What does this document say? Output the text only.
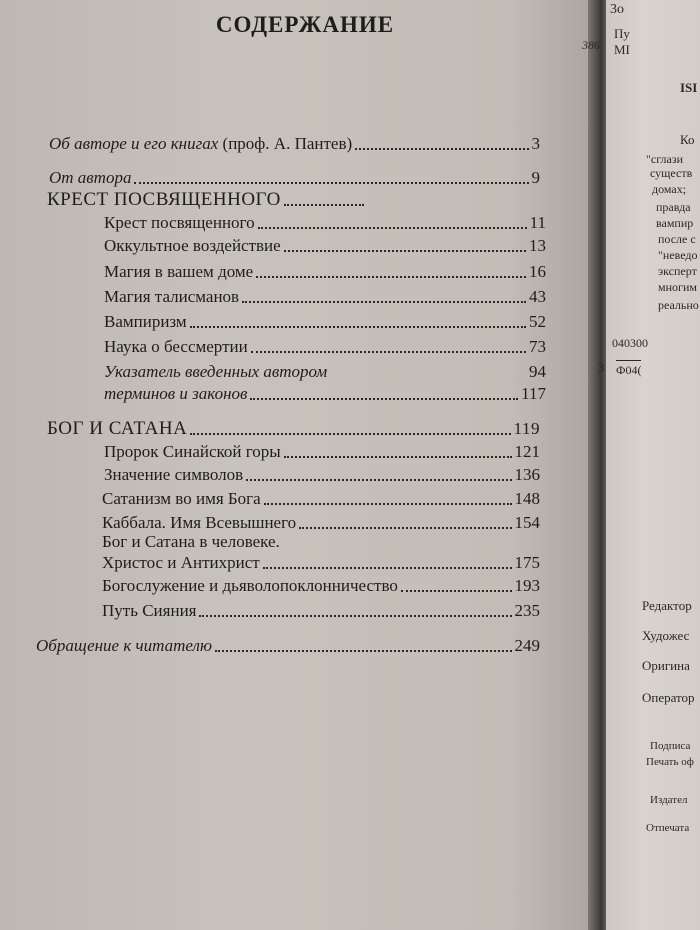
СОДЕРЖАНИЕ
Об авторе и его книгах (проф. А. Пантев)	3
От автора	9
КРЕСТ ПОСВЯЩЕННОГО
Крест посвященного	11
Оккультное воздействие	13
Магия в вашем доме	16
Магия талисманов	43
Вампиризм	52
Наука о бессмертии	73
Указатель введенных автором	94
терминов и законов	117
БОГ И САТАНА	119
Пророк Синайской горы	121
Значение символов	136
Сатанизм во имя Бога	148
Каббала. Имя Всевышнего	154
Бог и Сатана в человеке.
Христос и Антихрист	175
Богослужение и дьяволопоклонничество	193
Путь Сияния	235
Обращение к читателю	249
3о
386
Пу
МІ
ISI
Ко
"сглази
существ
домах;
правда
вампир
после с
"неведо
эксперт
многим
реально
3
040300
Ф04(
Редактор
Художес
Оригина
Оператор
Подписа
Печать оф
Издател
Отпечата
